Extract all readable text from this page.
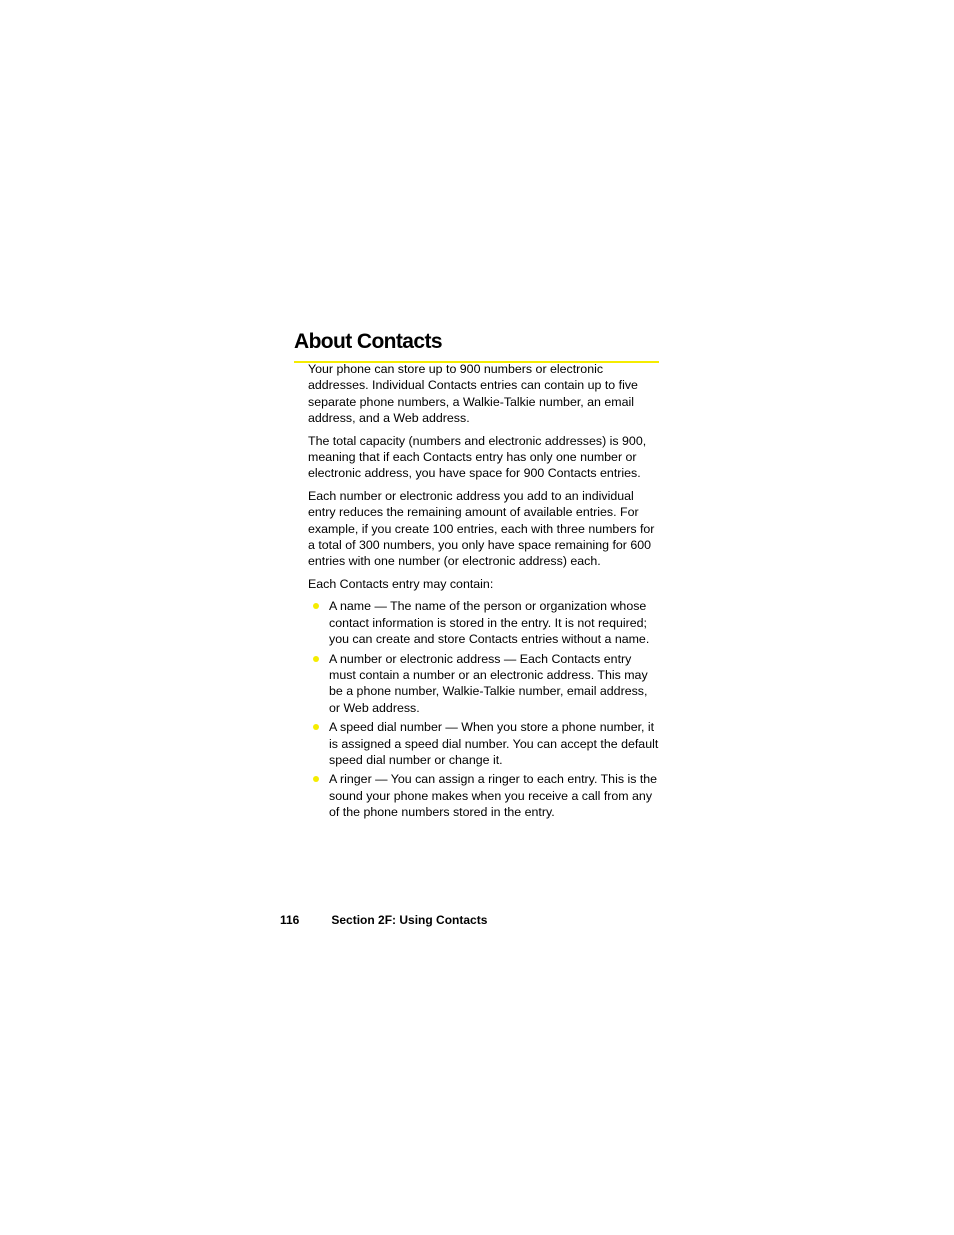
About Contacts

Your phone can store up to 900 numbers or electronic addresses. Individual Contacts entries can contain up to five separate phone numbers, a Walkie-Talkie number, an email address, and a Web address.

The total capacity (numbers and electronic addresses) is 900, meaning that if each Contacts entry has only one number or electronic address, you have space for 900 Contacts entries.

Each number or electronic address you add to an individual entry reduces the remaining amount of available entries. For example, if you create 100 entries, each with three numbers for a total of 300 numbers, you only have space remaining for 600 entries with one number (or electronic address) each.

Each Contacts entry may contain:

A name — The name of the person or organization whose contact information is stored in the entry. It is not required; you can create and store Contacts entries without a name.
A number or electronic address — Each Contacts entry must contain a number or an electronic address. This may be a phone number, Walkie-Talkie number, email address, or Web address.
A speed dial number — When you store a phone number, it is assigned a speed dial number. You can accept the default speed dial number or change it.
A ringer — You can assign a ringer to each entry. This is the sound your phone makes when you receive a call from any of the phone numbers stored in the entry.
116	Section 2F: Using Contacts
